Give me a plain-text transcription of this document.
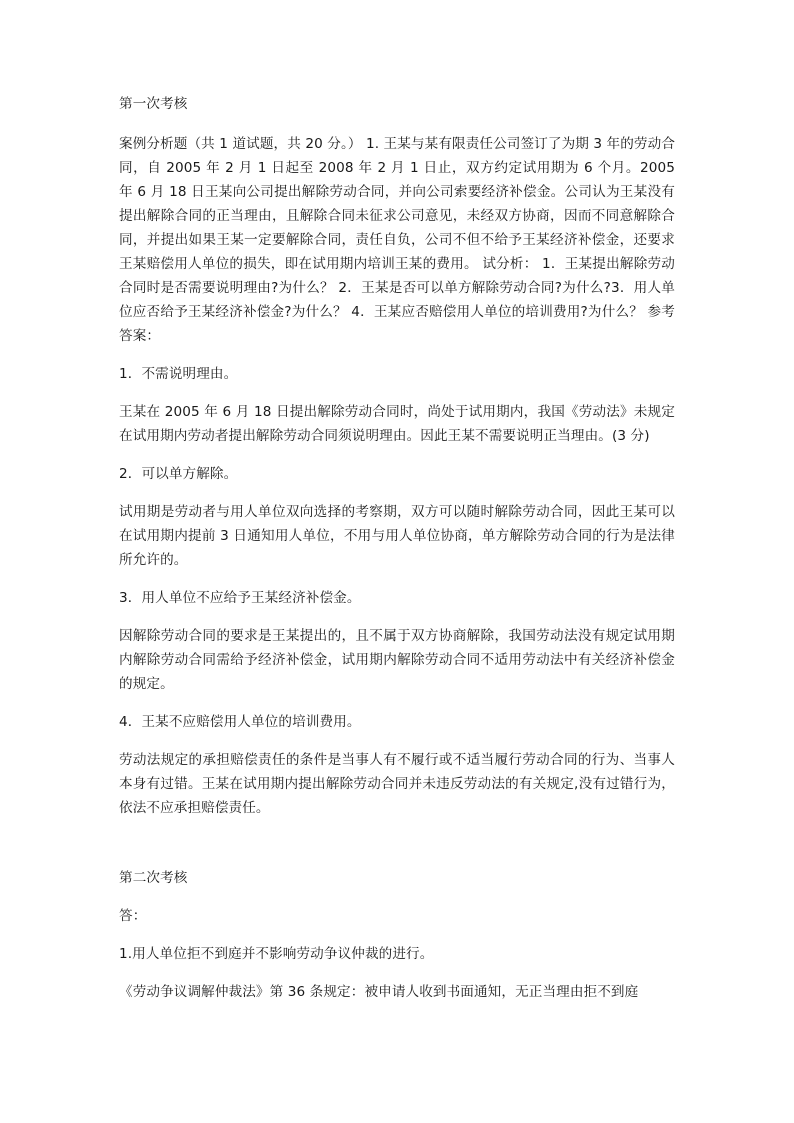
第一次考核

案例分析题（共 1 道试题，共 20 分。） 1. 王某与某有限责任公司签订了为期 3 年的劳动合同，自 2005 年 2 月 1 日起至 2008 年 2 月 1 日止，双方约定试用期为 6 个月。2005 年 6 月 18 日王某向公司提出解除劳动合同，并向公司索要经济补偿金。公司认为王某没有提出解除合同的正当理由，且解除合同未征求公司意见，未经双方协商，因而不同意解除合同，并提出如果王某一定要解除合同，责任自负，公司不但不给予王某经济补偿金，还要求王某赔偿用人单位的损失，即在试用期内培训王某的费用。 试分析： 1．王某提出解除劳动合同时是否需要说明理由?为什么？ 2．王某是否可以单方解除劳动合同?为什么?3．用人单位应否给予王某经济补偿金?为什么？ 4．王某应否赔偿用人单位的培训费用?为什么？ 参考答案：

1．不需说明理由。

王某在 2005 年 6 月 18 日提出解除劳动合同时，尚处于试用期内，我国《劳动法》未规定在试用期内劳动者提出解除劳动合同须说明理由。因此王某不需要说明正当理由。(3 分)

2．可以单方解除。

试用期是劳动者与用人单位双向选择的考察期，双方可以随时解除劳动合同，因此王某可以在试用期内提前 3 日通知用人单位，不用与用人单位协商，单方解除劳动合同的行为是法律所允许的。

3．用人单位不应给予王某经济补偿金。

因解除劳动合同的要求是王某提出的，且不属于双方协商解除，我国劳动法没有规定试用期内解除劳动合同需给予经济补偿金，试用期内解除劳动合同不适用劳动法中有关经济补偿金的规定。

4．王某不应赔偿用人单位的培训费用。

劳动法规定的承担赔偿责任的条件是当事人有不履行或不适当履行劳动合同的行为、当事人本身有过错。王某在试用期内提出解除劳动合同并未违反劳动法的有关规定,没有过错行为，依法不应承担赔偿责任。

第二次考核

答：

1.用人单位拒不到庭并不影响劳动争议仲裁的进行。

《劳动争议调解仲裁法》第 36 条规定：被申请人收到书面通知，无正当理由拒不到庭
